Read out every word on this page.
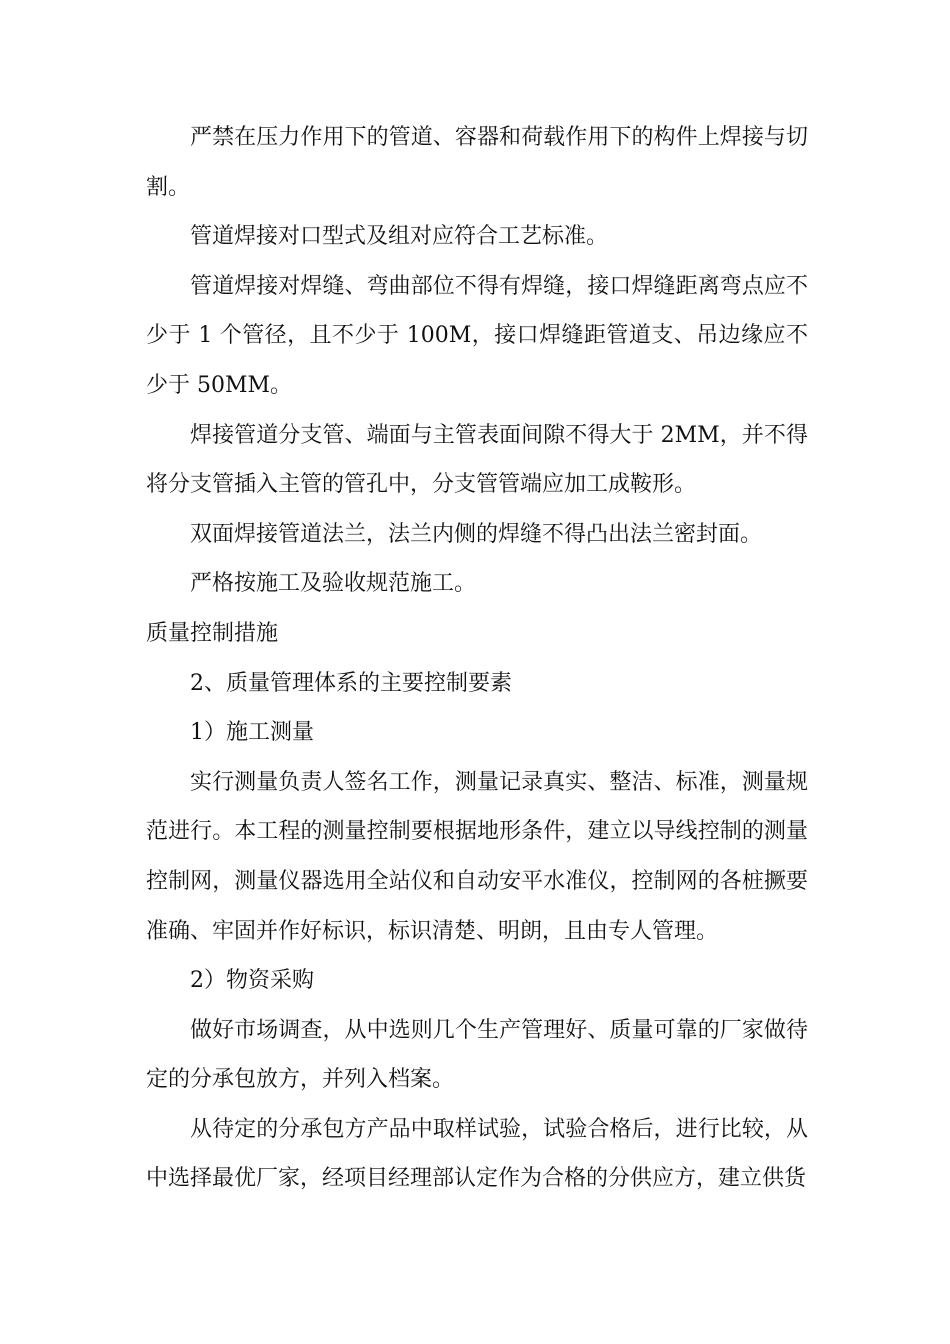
严禁在压力作用下的管道、容器和荷载作用下的构件上焊接与切割。

管道焊接对口型式及组对应符合工艺标准。

管道焊接对焊缝、弯曲部位不得有焊缝，接口焊缝距离弯点应不少于 1 个管径，且不少于 100M，接口焊缝距管道支、吊边缘应不少于 50MM。

焊接管道分支管、端面与主管表面间隙不得大于 2MM，并不得将分支管插入主管的管孔中，分支管管端应加工成鞍形。

双面焊接管道法兰，法兰内侧的焊缝不得凸出法兰密封面。

严格按施工及验收规范施工。

质量控制措施

2、质量管理体系的主要控制要素

1）施工测量

实行测量负责人签名工作，测量记录真实、整洁、标准，测量规范进行。本工程的测量控制要根据地形条件，建立以导线控制的测量控制网，测量仪器选用全站仪和自动安平水准仪，控制网的各桩撅要准确、牢固并作好标识，标识清楚、明朗，且由专人管理。

2）物资采购

做好市场调查，从中选则几个生产管理好、质量可靠的厂家做待定的分承包放方，并列入档案。

从待定的分承包方产品中取样试验，试验合格后，进行比较，从中选择最优厂家，经项目经理部认定作为合格的分供应方，建立供货
